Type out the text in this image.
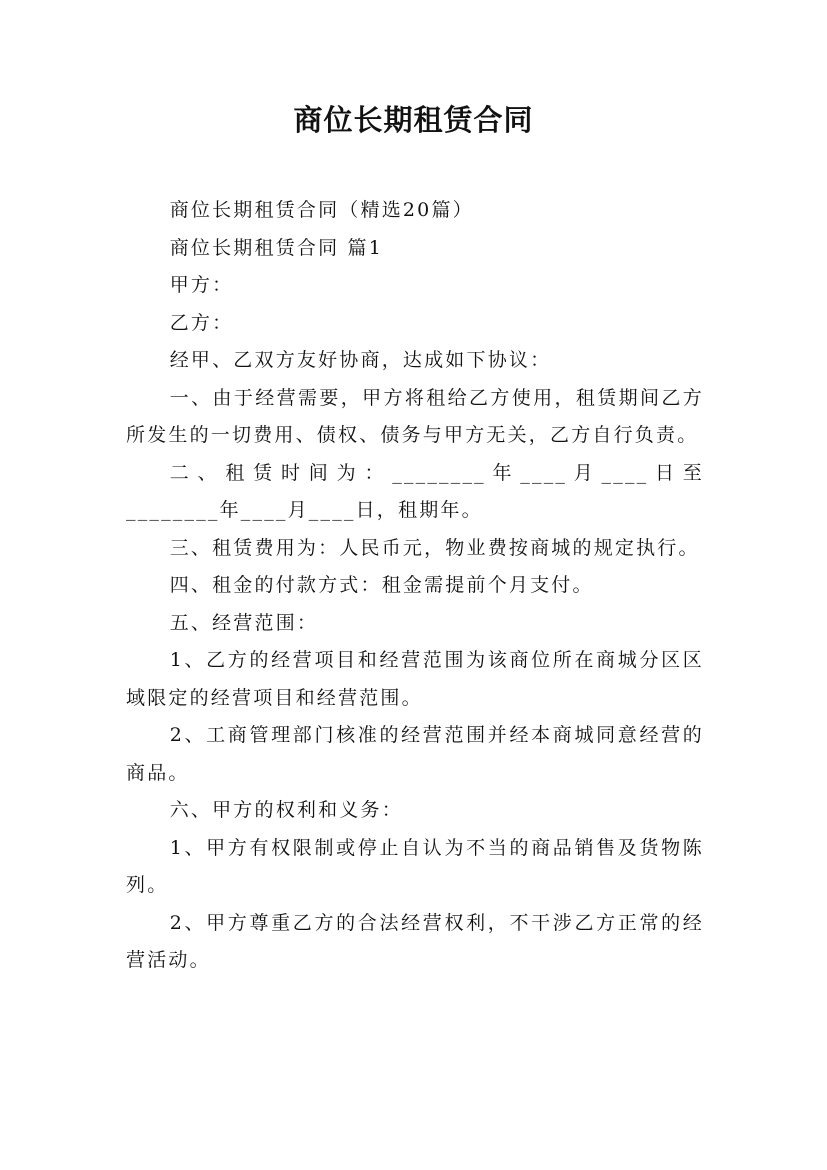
商位长期租赁合同

商位长期租赁合同（精选20篇）

商位长期租赁合同 篇1

甲方：

乙方：

经甲、乙双方友好协商，达成如下协议：

一、由于经营需要，甲方将租给乙方使用，租赁期间乙方所发生的一切费用、债权、债务与甲方无关，乙方自行负责。

二、租赁时间为：________年____月____日至________年____月____日，租期年。

三、租赁费用为：人民币元，物业费按商城的规定执行。

四、租金的付款方式：租金需提前个月支付。

五、经营范围：

1、乙方的经营项目和经营范围为该商位所在商城分区区域限定的经营项目和经营范围。

2、工商管理部门核准的经营范围并经本商城同意经营的商品。

六、甲方的权利和义务：

1、甲方有权限制或停止自认为不当的商品销售及货物陈列。

2、甲方尊重乙方的合法经营权利，不干涉乙方正常的经营活动。
